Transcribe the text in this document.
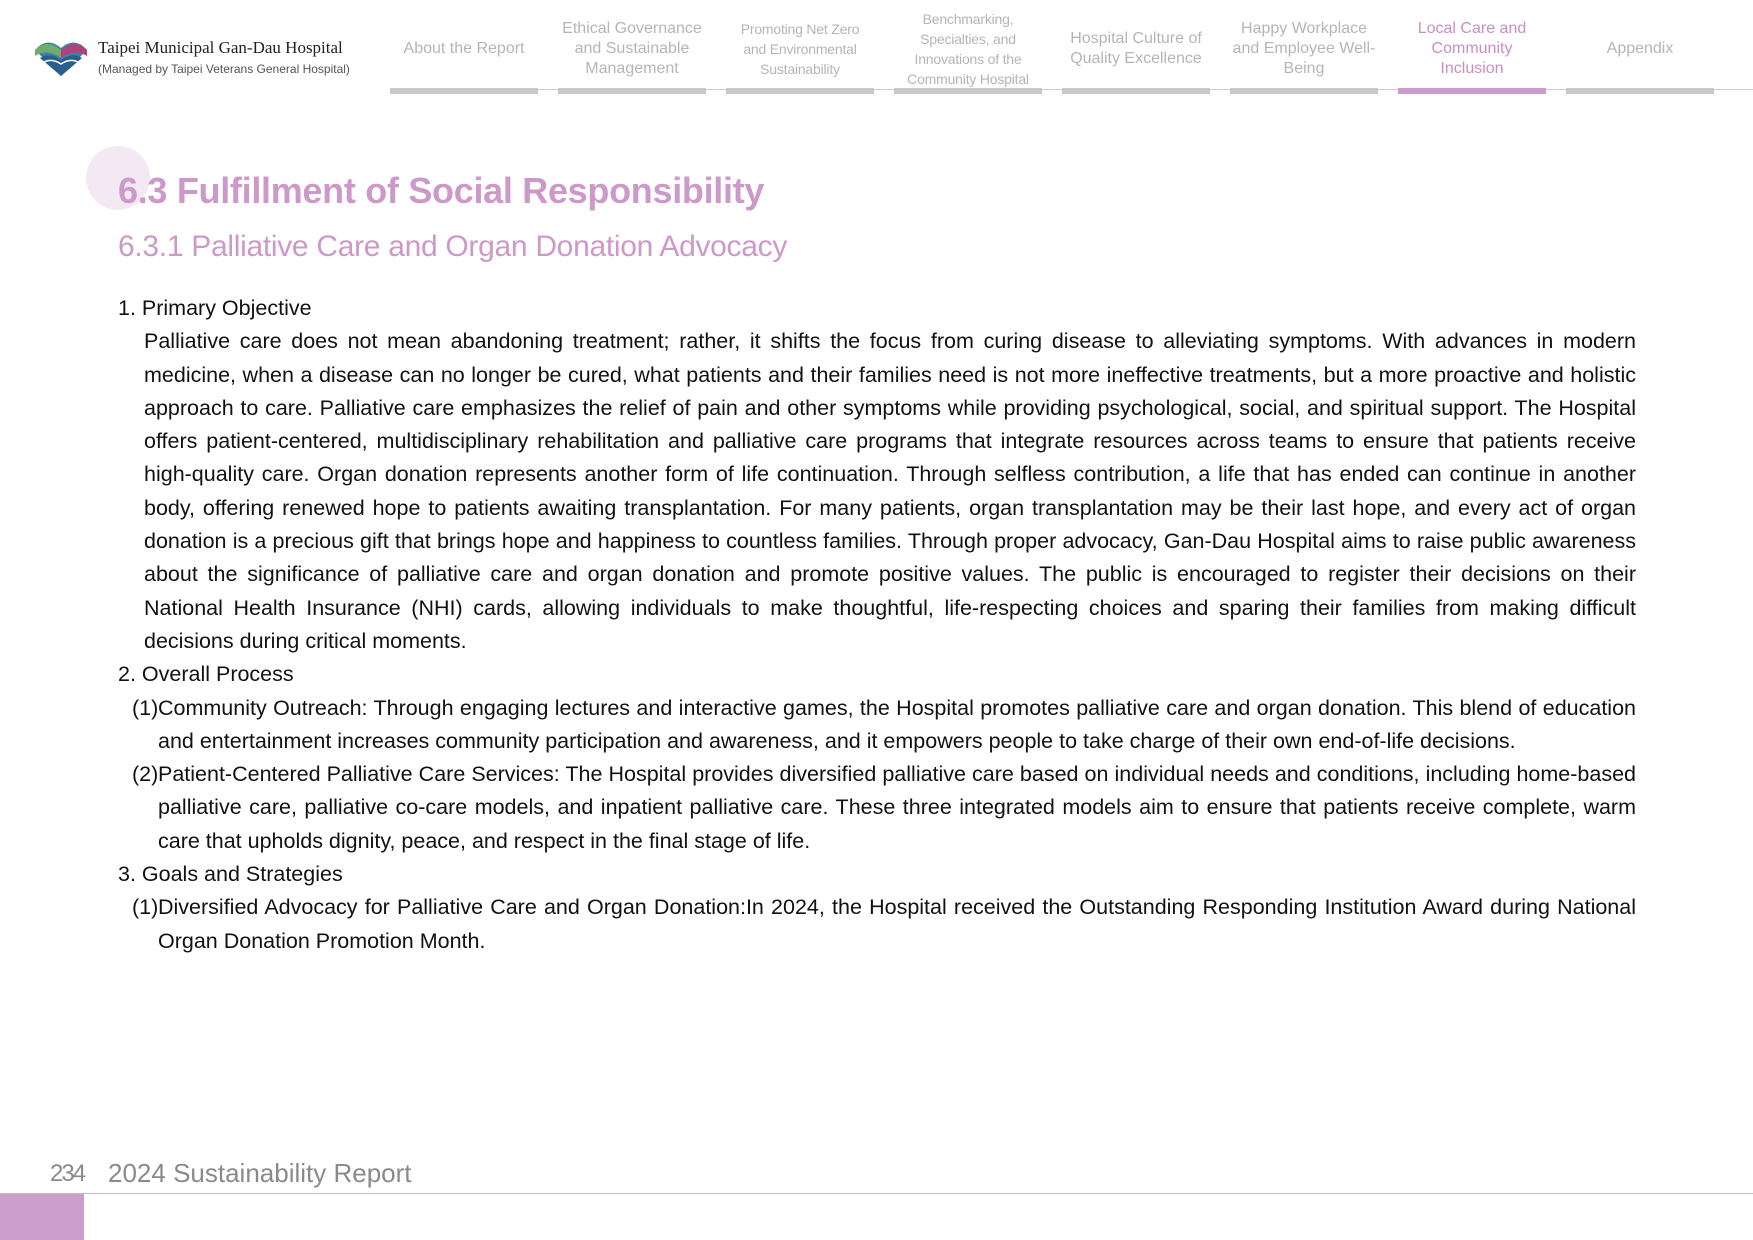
Taipei Municipal Gan-Dau Hospital
(Managed by Taipei Veterans General Hospital)
About the Report
Ethical Governance and Sustainable Management
Promoting Net Zero and Environmental Sustainability
Benchmarking, Specialties, and Innovations of the Community Hospital
Hospital Culture of Quality Excellence
Happy Workplace and Employee Well-Being
Local Care and Community Inclusion
Appendix
6.3 Fulfillment of Social Responsibility
6.3.1 Palliative Care and Organ Donation Advocacy

1. Primary Objective

Palliative care does not mean abandoning treatment; rather, it shifts the focus from curing disease to alleviating symptoms. With advances in modern medicine, when a disease can no longer be cured, what patients and their families need is not more ineffective treatments, but a more proactive and holistic approach to care. Palliative care emphasizes the relief of pain and other symptoms while providing psychological, social, and spiritual support. The Hospital offers patient-centered, multidisciplinary rehabilitation and palliative care programs that integrate resources across teams to ensure that patients receive high-quality care. Organ donation represents another form of life continuation. Through selfless contribution, a life that has ended can continue in another body, offering renewed hope to patients awaiting transplantation. For many patients, organ transplantation may be their last hope, and every act of organ donation is a precious gift that brings hope and happiness to countless families. Through proper advocacy, Gan-Dau Hospital aims to raise public awareness about the significance of palliative care and organ donation and promote positive values. The public is encouraged to register their decisions on their National Health Insurance (NHI) cards, allowing individuals to make thoughtful, life-respecting choices and sparing their families from making difficult decisions during critical moments.

2. Overall Process

(1) Community Outreach: Through engaging lectures and interactive games, the Hospital promotes palliative care and organ donation. This blend of education and entertainment increases community participation and awareness, and it empowers people to take charge of their own end-of-life decisions.
(2) Patient-Centered Palliative Care Services: The Hospital provides diversified palliative care based on individual needs and conditions, including home-based palliative care, palliative co-care models, and inpatient palliative care. These three integrated models aim to ensure that patients receive complete, warm care that upholds dignity, peace, and respect in the final stage of life.

3. Goals and Strategies

(1) Diversified Advocacy for Palliative Care and Organ Donation:In 2024, the Hospital received the Outstanding Responding Institution Award during National Organ Donation Promotion Month.
234 2024 Sustainability Report
